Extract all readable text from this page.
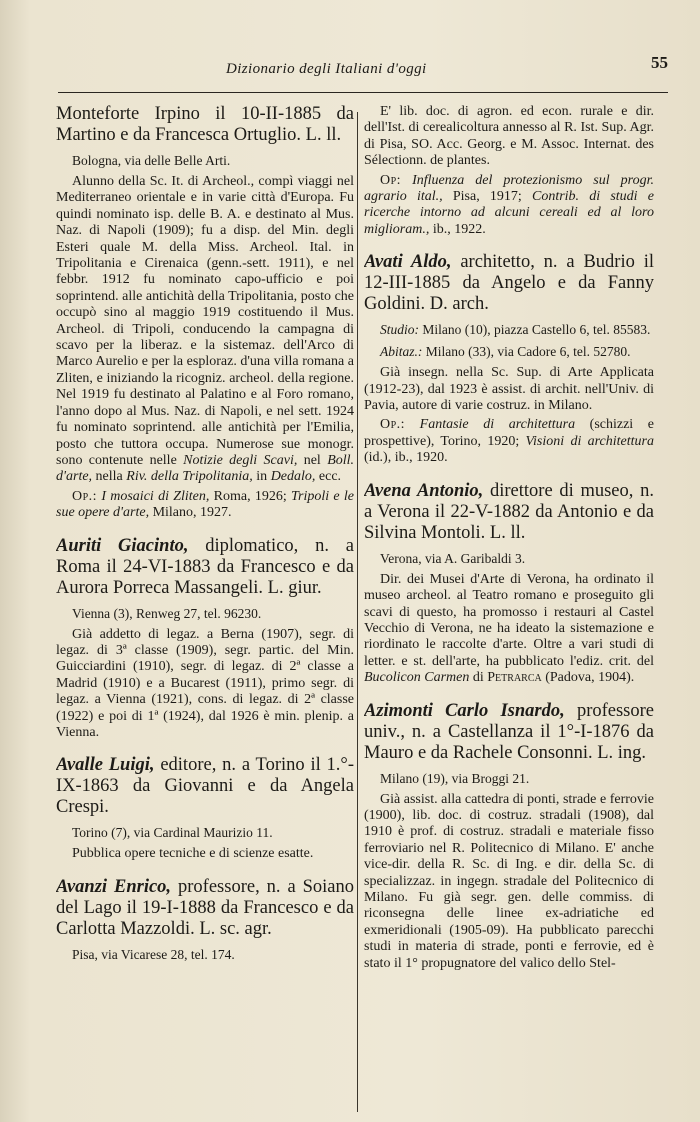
Dizionario degli Italiani d'oggi	55

Monteforte Irpino il 10-II-1885 da Martino e da Francesca Ortuglio. L. ll.

Bologna, via delle Belle Arti.

Alunno della Sc. It. di Archeol., compì viaggi nel Mediterraneo orientale e in varie città d'Europa. Fu quindi nominato isp. delle B. A. e destinato al Mus. Naz. di Napoli (1909); fu a disp. del Min. degli Esteri quale M. della Miss. Archeol. Ital. in Tripolitania e Cirenaica (genn.-sett. 1911), e nel febbr. 1912 fu nominato capo-ufficio e poi soprintend. alle antichità della Tripolitania, posto che occupò sino al maggio 1919 costituendo il Mus. Archeol. di Tripoli, conducendo la campagna di scavo per la liberaz. e la sistemaz. dell'Arco di Marco Aurelio e per la esploraz. d'una villa romana a Zliten, e iniziando la ricogniz. archeol. della regione. Nel 1919 fu destinato al Palatino e al Foro romano, l'anno dopo al Mus. Naz. di Napoli, e nel sett. 1924 fu nominato soprintend. alle antichità per l'Emilia, posto che tuttora occupa. Numerose sue monogr. sono contenute nelle Notizie degli Scavi, nel Boll. d'arte, nella Riv. della Tripolitania, in Dedalo, ecc.

Op.: I mosaici di Zliten, Roma, 1926; Tripoli e le sue opere d'arte, Milano, 1927.

Auriti Giacinto, diplomatico, n. a Roma il 24-VI-1883 da Francesco e da Aurora Porreca Massangeli. L. giur.

Vienna (3), Renweg 27, tel. 96230.

Già addetto di legaz. a Berna (1907), segr. di legaz. di 3ª classe (1909), segr. partic. del Min. Guicciardini (1910), segr. di legaz. di 2ª classe a Madrid (1910) e a Bucarest (1911), primo segr. di legaz. a Vienna (1921), cons. di legaz. di 2ª classe (1922) e poi di 1ª (1924), dal 1926 è min. plenip. a Vienna.

Avalle Luigi, editore, n. a Torino il 1.°-IX-1863 da Giovanni e da Angela Crespi.

Torino (7), via Cardinal Maurizio 11.

Pubblica opere tecniche e di scienze esatte.

Avanzi Enrico, professore, n. a Soiano del Lago il 19-I-1888 da Francesco e da Carlotta Mazzoldi. L. sc. agr.

Pisa, via Vicarese 28, tel. 174.

E' lib. doc. di agron. ed econ. rurale e dir. dell'Ist. di cerealicoltura annesso al R. Ist. Sup. Agr. di Pisa, SO. Acc. Georg. e M. Assoc. Internat. des Sélectionn. de plantes.

Op: Influenza del protezionismo sul progr. agrario ital., Pisa, 1917; Contrib. di studi e ricerche intorno ad alcuni cereali ed al loro miglioram., ib., 1922.

Avati Aldo, architetto, n. a Budrio il 12-III-1885 da Angelo e da Fanny Goldini. D. arch.

Studio: Milano (10), piazza Castello 6, tel. 85583.

Abitaz.: Milano (33), via Cadore 6, tel. 52780.

Già insegn. nella Sc. Sup. di Arte Applicata (1912-23), dal 1923 è assist. di archit. nell'Univ. di Pavia, autore di varie costruz. in Milano.

Op.: Fantasie di architettura (schizzi e prospettive), Torino, 1920; Visioni di architettura (id.), ib., 1920.

Avena Antonio, direttore di museo, n. a Verona il 22-V-1882 da Antonio e da Silvina Montoli. L. ll.

Verona, via A. Garibaldi 3.

Dir. dei Musei d'Arte di Verona, ha ordinato il museo archeol. al Teatro romano e proseguito gli scavi di questo, ha promosso i restauri al Castel Vecchio di Verona, ne ha ideato la sistemazione e riordinato le raccolte d'arte. Oltre a vari studi di letter. e st. dell'arte, ha pubblicato l'ediz. crit. del Bucolicon Carmen di Petrarca (Padova, 1904).

Azimonti Carlo Isnardo, professore univ., n. a Castellanza il 1°-I-1876 da Mauro e da Rachele Consonni. L. ing.

Milano (19), via Broggi 21.

Già assist. alla cattedra di ponti, strade e ferrovie (1900), lib. doc. di costruz. stradali (1908), dal 1910 è prof. di costruz. stradali e materiale fisso ferroviario nel R. Politecnico di Milano. E' anche vice-dir. della R. Sc. di Ing. e dir. della Sc. di specializzaz. in ingegn. stradale del Politecnico di Milano. Fu già segr. gen. delle commiss. di riconsegna delle linee ex-adriatiche ed exmeridionali (1905-09). Ha pubblicato parecchi studi in materia di strade, ponti e ferrovie, ed è stato il 1° propugnatore del valico dello Stel-
